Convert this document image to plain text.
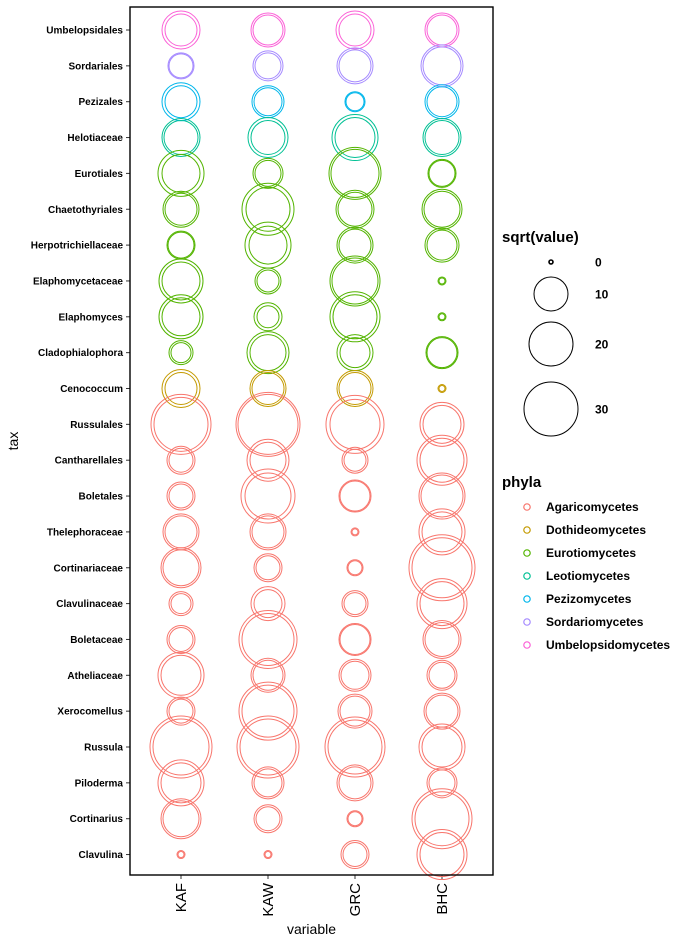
Umbelopsidales
Sordariales
Pezizales
Helotiaceae
Eurotiales
Chaetothyriales
Herpotrichiellaceae
Elaphomycetaceae
Elaphomyces
Cladophialophora
Cenococcum
Russulales
Cantharellales
Boletales
Thelephoraceae
Cortinariaceae
Clavulinaceae
Boletaceae
Atheliaceae
Xerocomellus
Russula
Piloderma
Cortinarius
Clavulina
KAF	KAW	GRC	BHC
variable
tax
sqrt(value)
0
10
20
30
phyla
Agaricomycetes
Dothideomycetes
Eurotiomycetes
Leotiomycetes
Pezizomycetes
Sordariomycetes
Umbelopsidomycetes
